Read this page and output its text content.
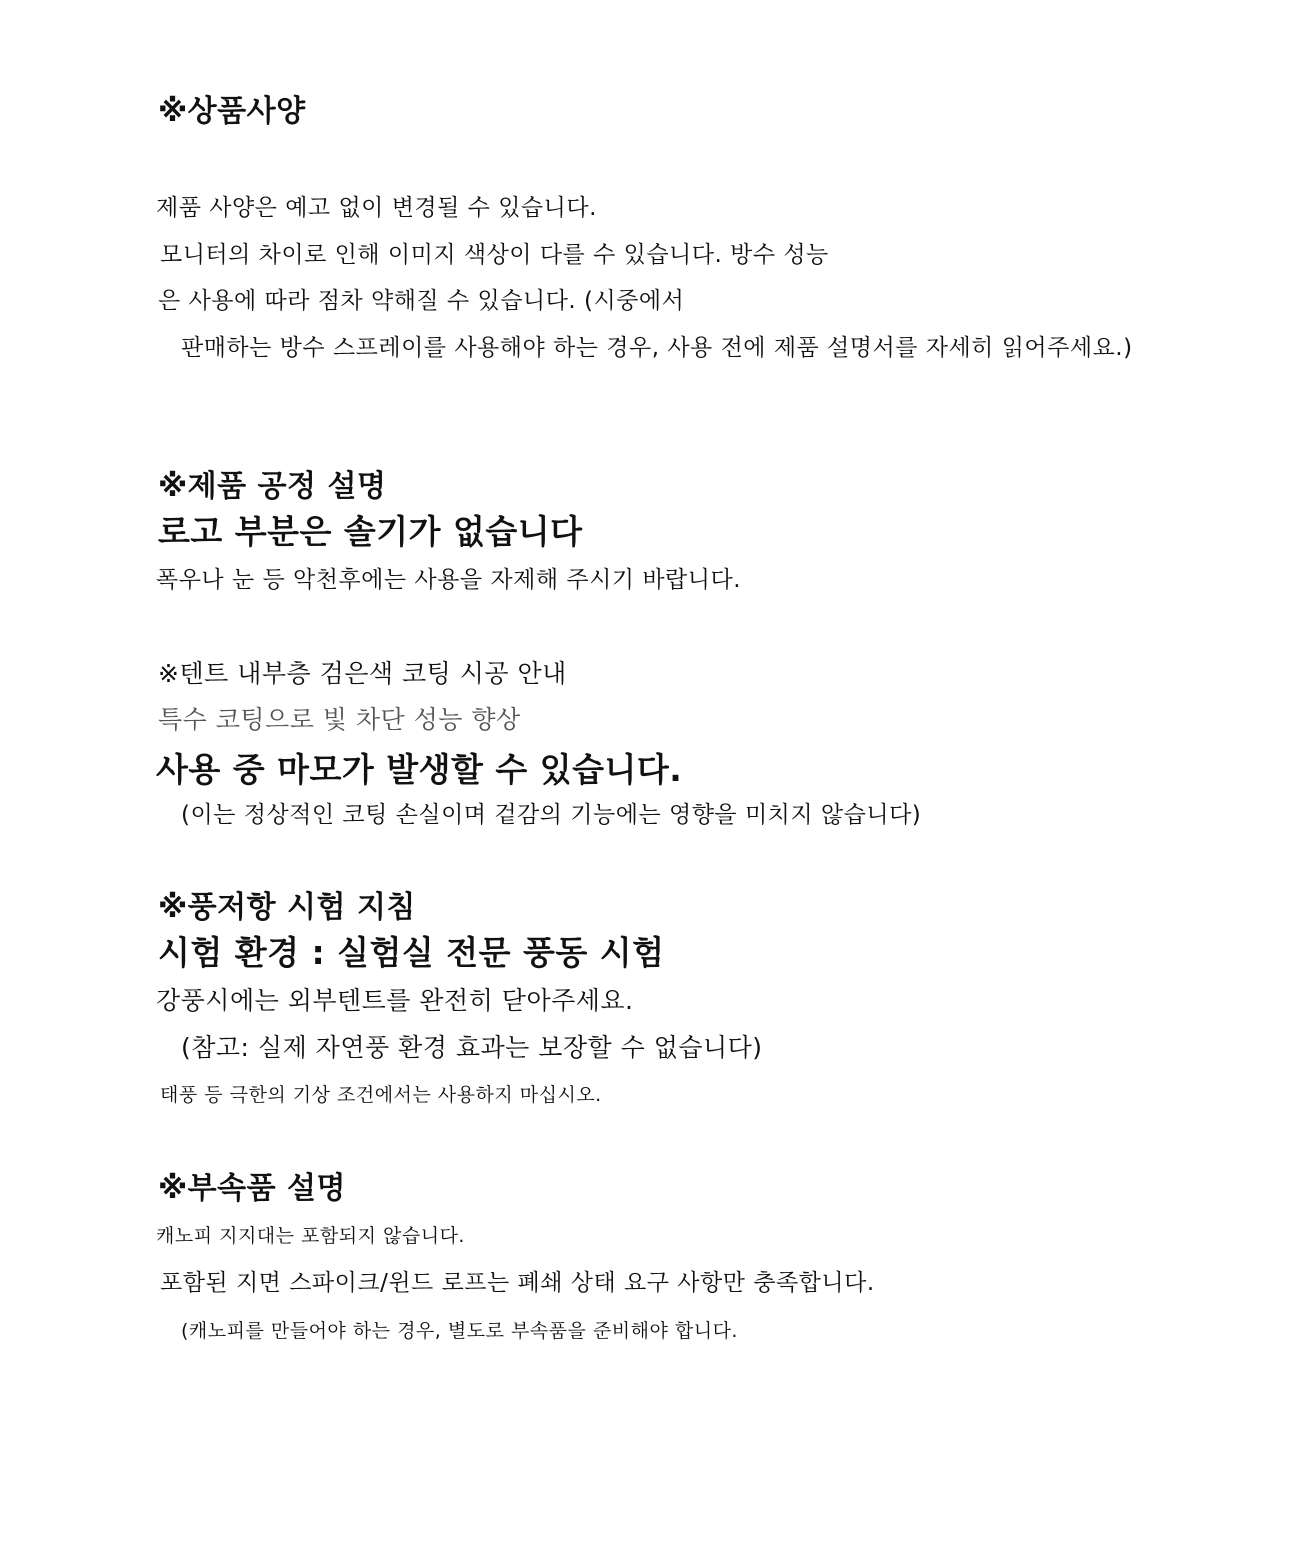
※상품사양
제품 사양은 예고 없이 변경될 수 있습니다.
모니터의 차이로 인해 이미지 색상이 다를 수 있습니다. 방수 성능
은 사용에 따라 점차 약해질 수 있습니다. (시중에서
판매하는 방수 스프레이를 사용해야 하는 경우, 사용 전에 제품 설명서를 자세히 읽어주세요.)
※제품 공정 설명
로고 부분은 솔기가 없습니다
폭우나 눈 등 악천후에는 사용을 자제해 주시기 바랍니다.
※텐트 내부층 검은색 코팅 시공 안내
특수 코팅으로 빛 차단 성능 향상
사용 중 마모가 발생할 수 있습니다.
(이는 정상적인 코팅 손실이며 겉감의 기능에는 영향을 미치지 않습니다)
※풍저항 시험 지침
시험 환경 : 실험실 전문 풍동 시험
강풍시에는 외부텐트를 완전히 닫아주세요.
(참고: 실제 자연풍 환경 효과는 보장할 수 없습니다)
태풍 등 극한의 기상 조건에서는 사용하지 마십시오.
※부속품 설명
캐노피 지지대는 포함되지 않습니다.
포함된 지면 스파이크/윈드 로프는 폐쇄 상태 요구 사항만 충족합니다.
(캐노피를 만들어야 하는 경우, 별도로 부속품을 준비해야 합니다.
